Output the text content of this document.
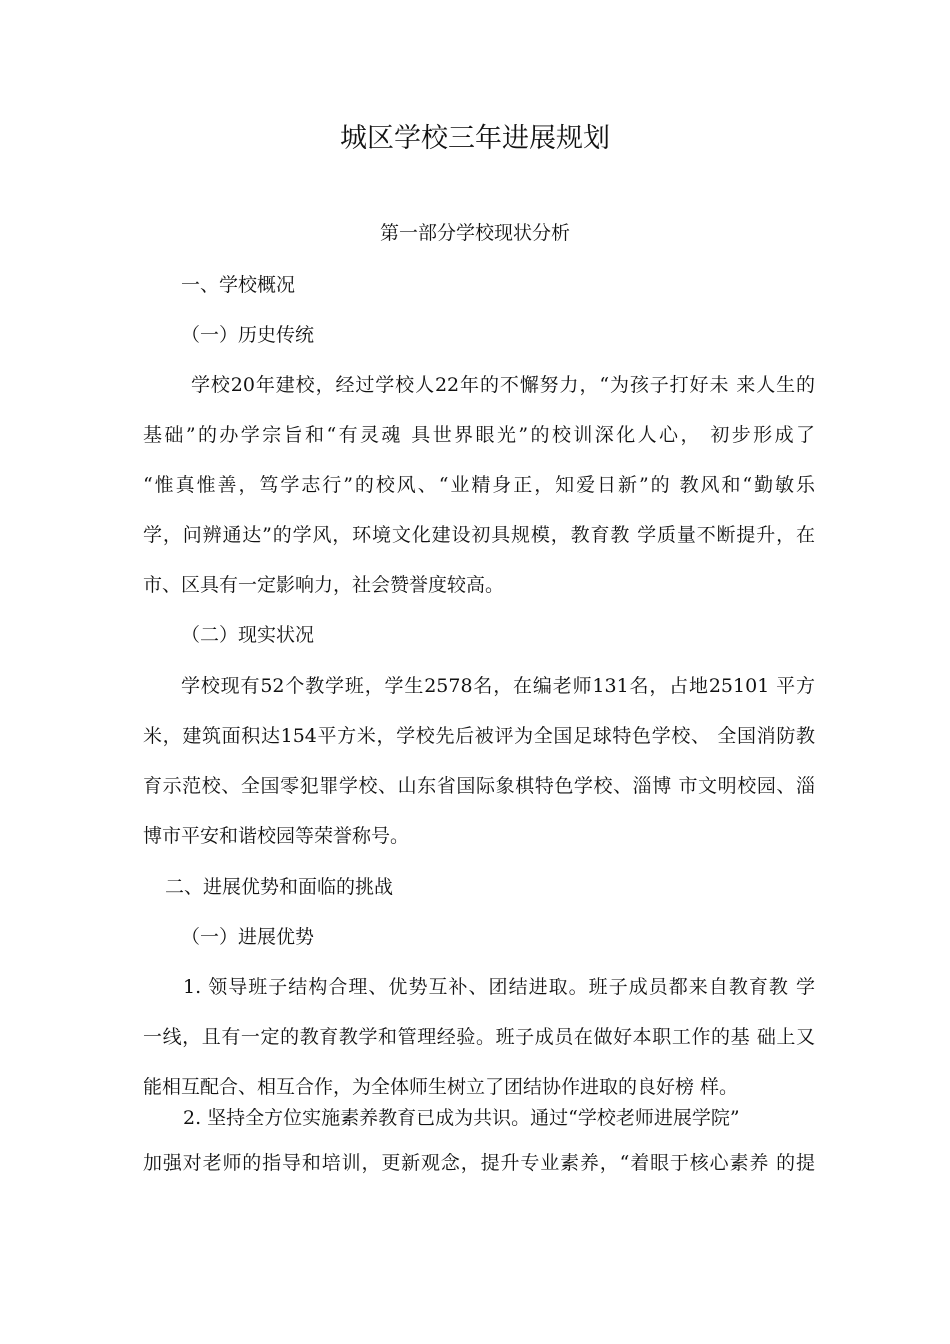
城区学校三年进展规划
第一部分学校现状分析
一、学校概况
（一）历史传统
学校20年建校，经过学校人22年的不懈努力，“为孩子打好未 来人生的
基础”的办学宗旨和“有灵魂 具世界眼光”的校训深化人心， 初步形成了
“惟真惟善，笃学志行”的校风、“业精身正，知爱日新”的 教风和“勤敏乐
学，问辨通达”的学风，环境文化建设初具规模，教育教 学质量不断提升，在
市、区具有一定影响力，社会赞誉度较高。
（二）现实状况
学校现有52个教学班，学生2578名，在编老师131名，占地25101 平方
米，建筑面积达154平方米，学校先后被评为全国足球特色学校、 全国消防教
育示范校、全国零犯罪学校、山东省国际象棋特色学校、淄博 市文明校园、淄
博市平安和谐校园等荣誉称号。
二、进展优势和面临的挑战
（一）进展优势
1. 领导班子结构合理、优势互补、团结进取。班子成员都来自教育教 学
一线，且有一定的教育教学和管理经验。班子成员在做好本职工作的基 础上又
能相互配合、相互合作，为全体师生树立了团结协作进取的良好榜 样。
2. 坚持全方位实施素养教育已成为共识。通过“学校老师进展学院”
加强对老师的指导和培训，更新观念，提升专业素养，“着眼于核心素养 的提
